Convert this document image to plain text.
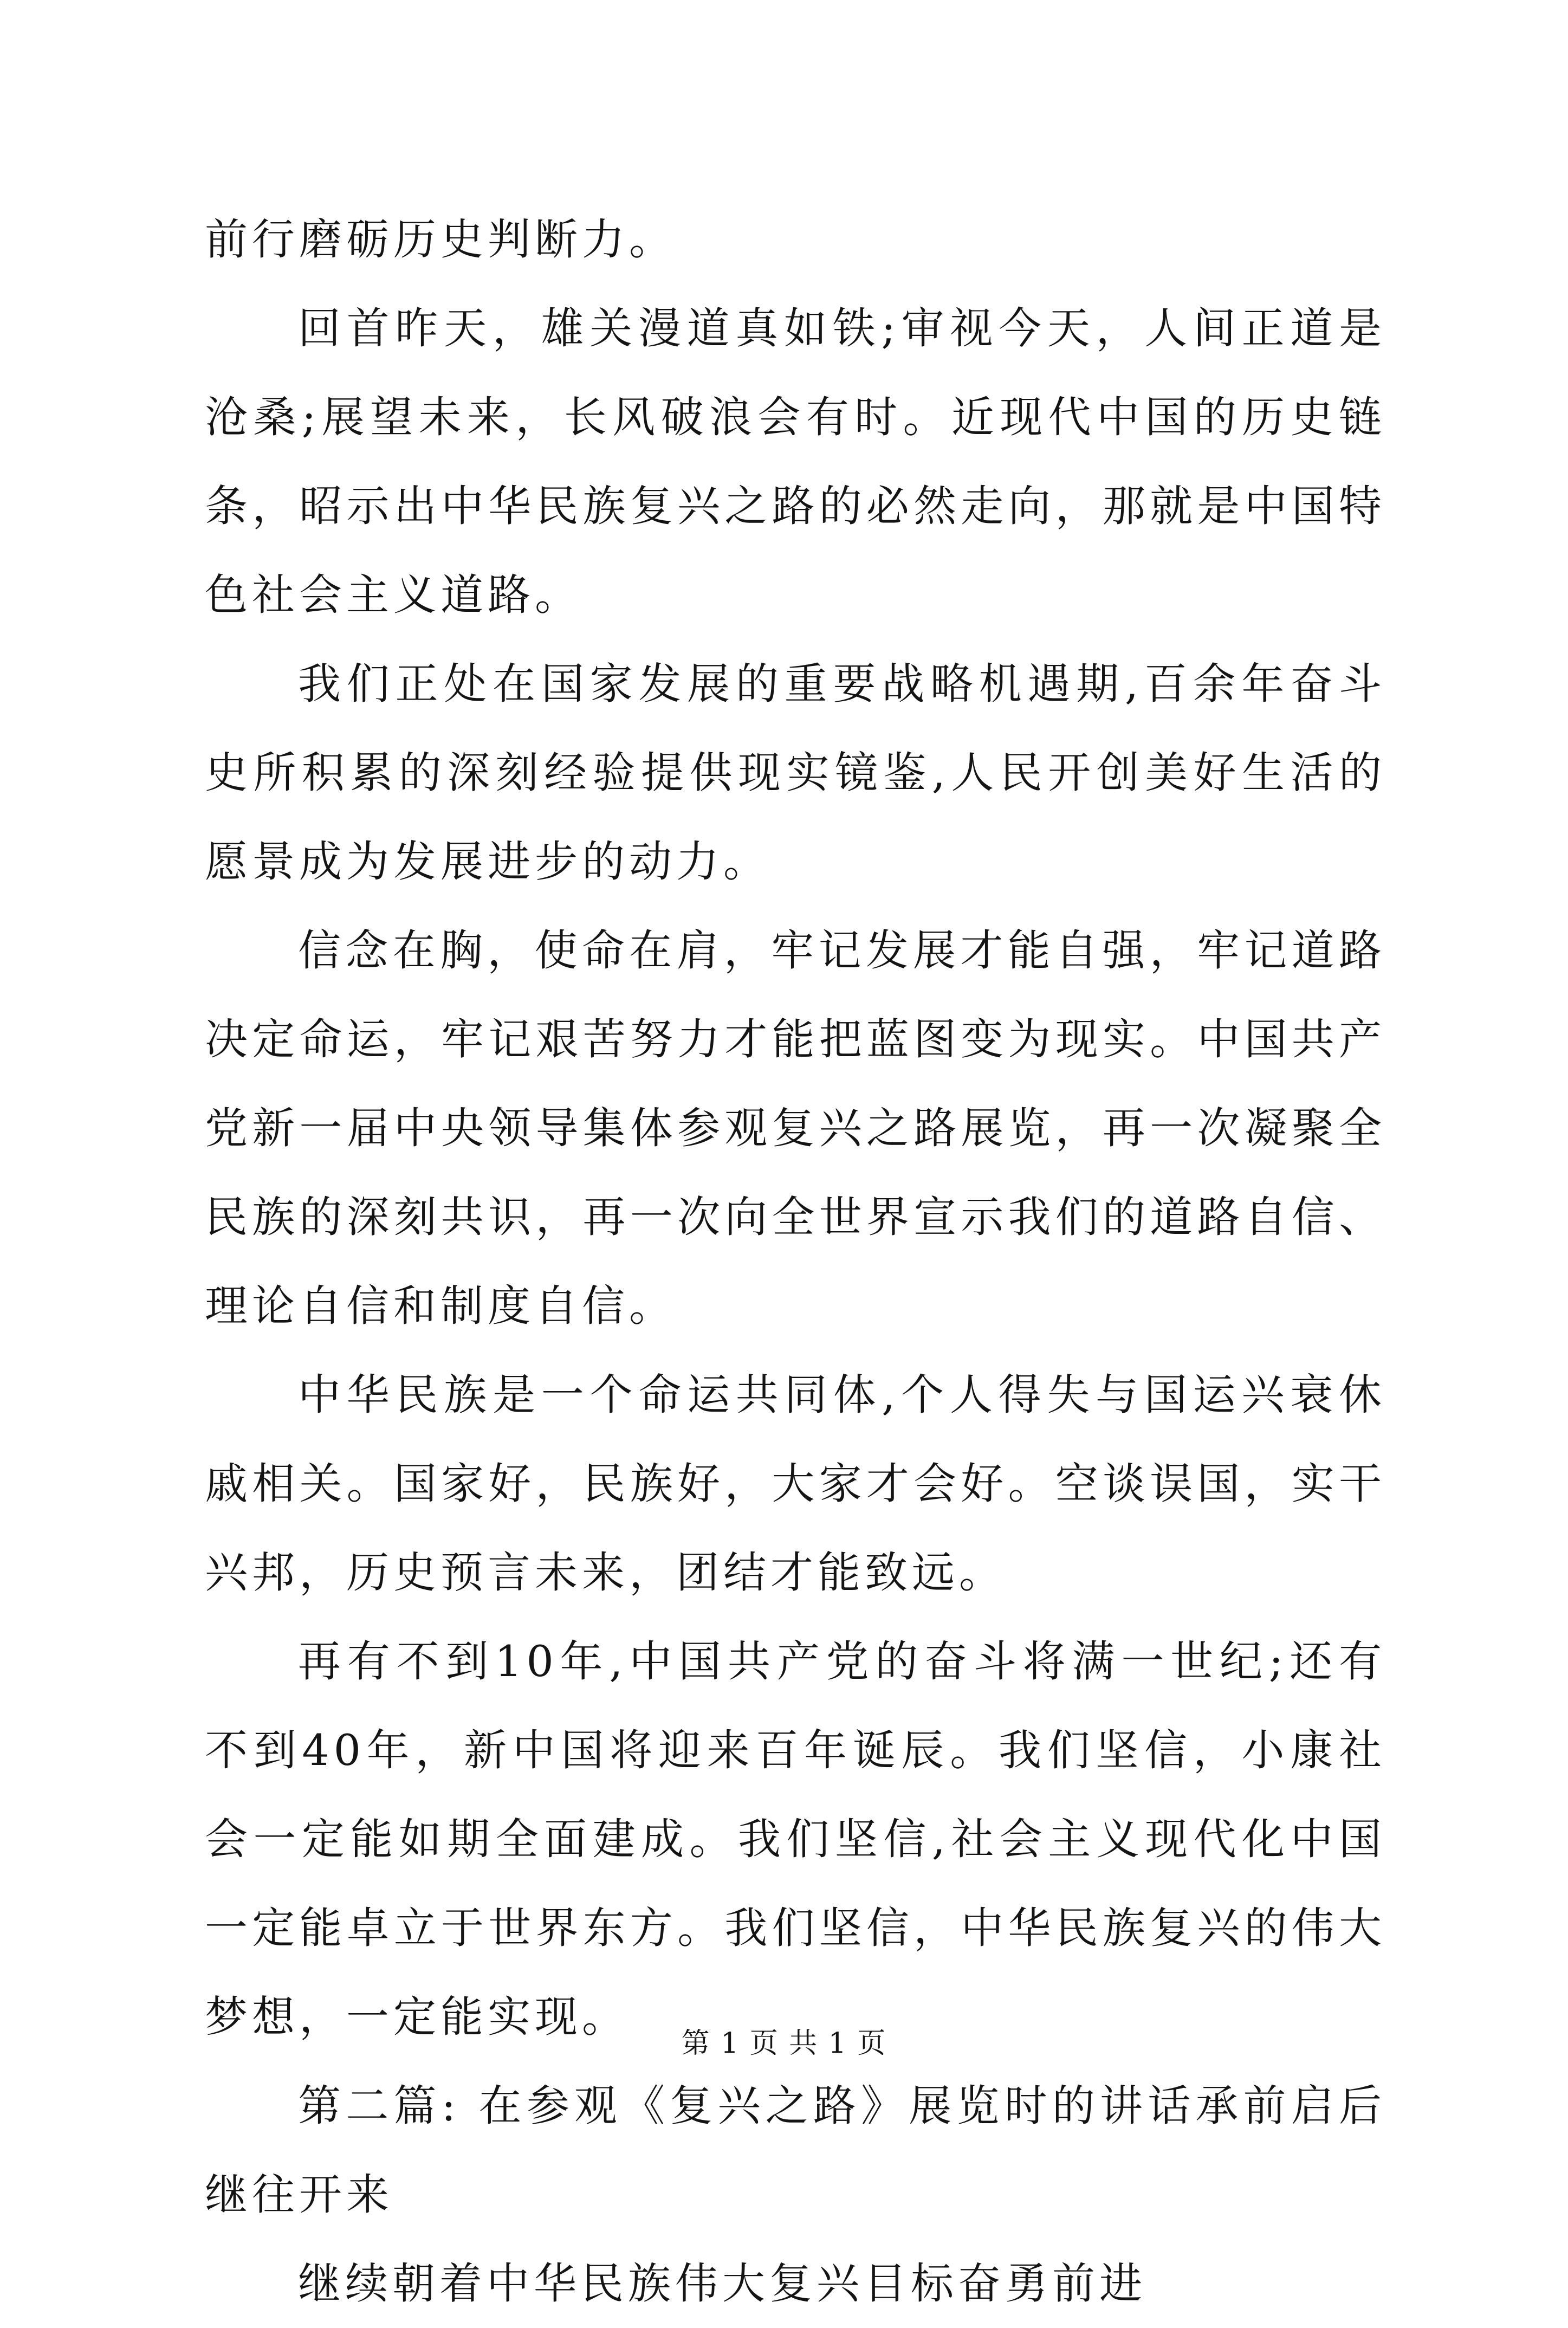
前行磨砺历史判断力。

回首昨天，雄关漫道真如铁;审视今天，人间正道是沧桑;展望未来，长风破浪会有时。近现代中国的历史链条，昭示出中华民族复兴之路的必然走向，那就是中国特色社会主义道路。

我们正处在国家发展的重要战略机遇期,百余年奋斗史所积累的深刻经验提供现实镜鉴,人民开创美好生活的愿景成为发展进步的动力。

信念在胸，使命在肩，牢记发展才能自强，牢记道路决定命运，牢记艰苦努力才能把蓝图变为现实。中国共产党新一届中央领导集体参观复兴之路展览，再一次凝聚全民族的深刻共识，再一次向全世界宣示我们的道路自信、理论自信和制度自信。

中华民族是一个命运共同体,个人得失与国运兴衰休戚相关。国家好，民族好，大家才会好。空谈误国，实干兴邦，历史预言未来，团结才能致远。

再有不到10年,中国共产党的奋斗将满一世纪;还有不到40年，新中国将迎来百年诞辰。我们坚信，小康社会一定能如期全面建成。我们坚信,社会主义现代化中国一定能卓立于世界东方。我们坚信，中华民族复兴的伟大梦想，一定能实现。

第二篇: 在参观《复兴之路》展览时的讲话承前启后继往开来

继续朝着中华民族伟大复兴目标奋勇前进

第 1 页 共 1 页
